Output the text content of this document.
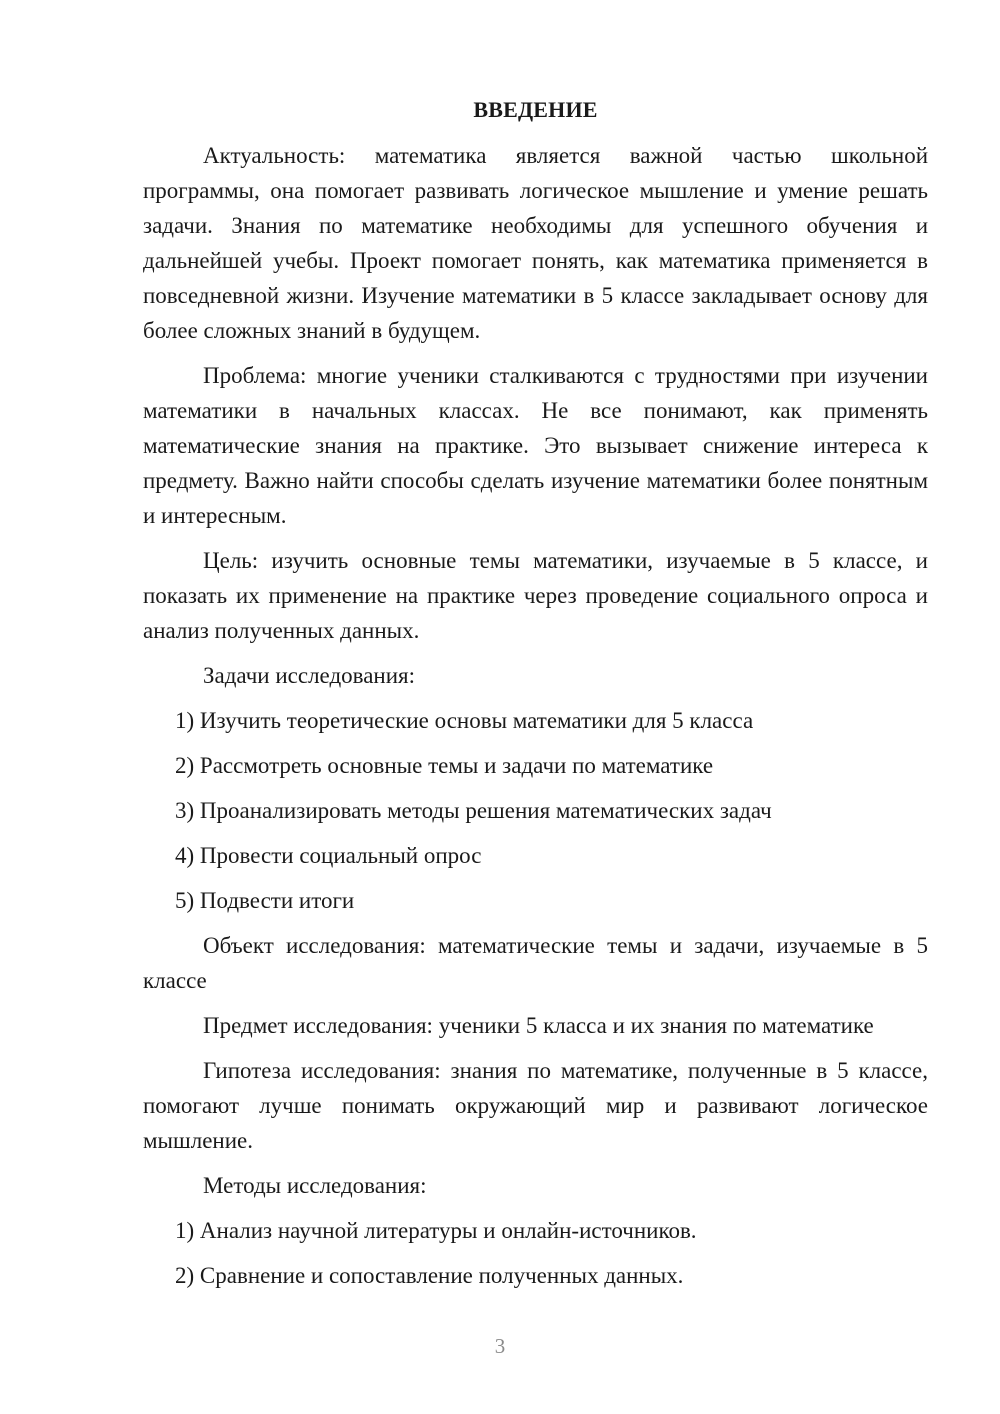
ВВЕДЕНИЕ

Актуальность: математика является важной частью школьной программы, она помогает развивать логическое мышление и умение решать задачи. Знания по математике необходимы для успешного обучения и дальнейшей учебы. Проект помогает понять, как математика применяется в повседневной жизни. Изучение математики в 5 классе закладывает основу для более сложных знаний в будущем.

Проблема: многие ученики сталкиваются с трудностями при изучении математики в начальных классах. Не все понимают, как применять математические знания на практике. Это вызывает снижение интереса к предмету. Важно найти способы сделать изучение математики более понятным и интересным.

Цель: изучить основные темы математики, изучаемые в 5 классе, и показать их применение на практике через проведение социального опроса и анализ полученных данных.

Задачи исследования:
1) Изучить теоретические основы математики для 5 класса
2) Рассмотреть основные темы и задачи по математике
3) Проанализировать методы решения математических задач
4) Провести социальный опрос
5) Подвести итоги

Объект исследования: математические темы и задачи, изучаемые в 5 классе

Предмет исследования: ученики 5 класса и их знания по математике

Гипотеза исследования: знания по математике, полученные в 5 классе, помогают лучше понимать окружающий мир и развивают логическое мышление.

Методы исследования:
1) Анализ научной литературы и онлайн-источников.
2) Сравнение и сопоставление полученных данных.
3
